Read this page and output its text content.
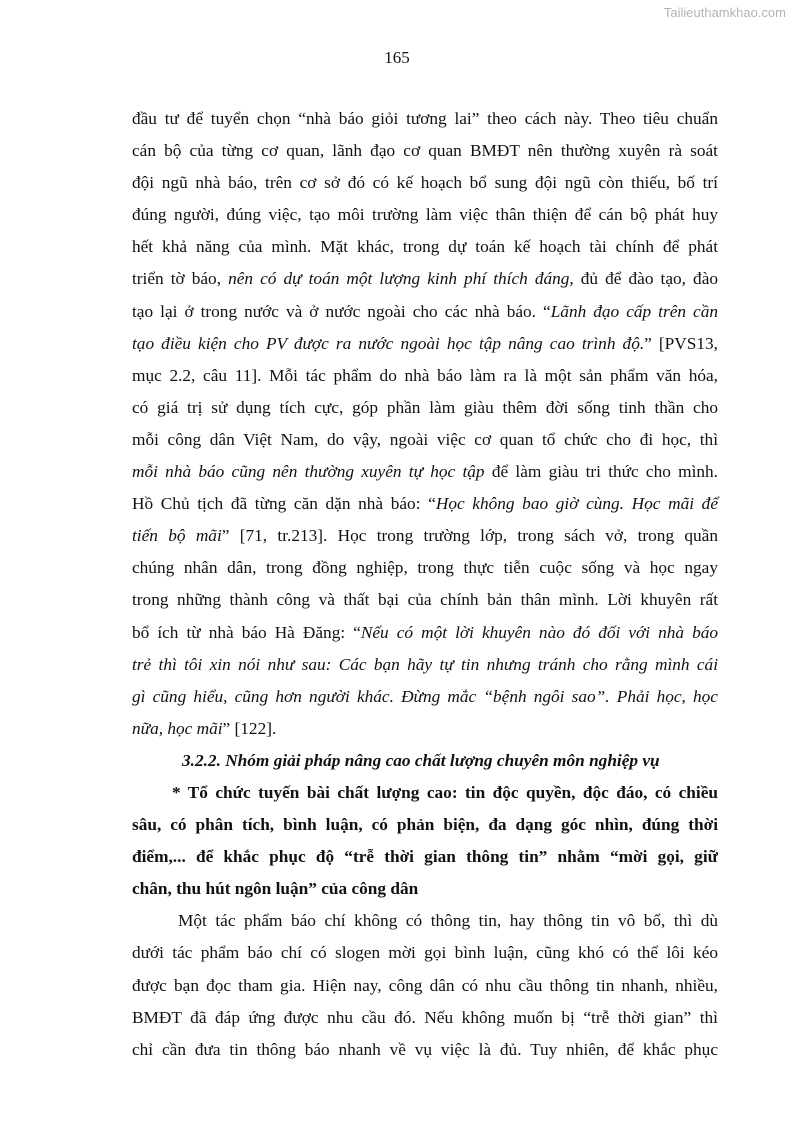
Tailieuthamkhao.com
165
đầu tư để tuyển chọn “nhà báo giỏi tương lai” theo cách này. Theo tiêu chuẩn
cán bộ của từng cơ quan, lãnh đạo cơ quan BMĐT nên thường xuyên rà soát
đội ngũ nhà báo, trên cơ sở đó có kế hoạch bổ sung đội ngũ còn thiếu, bố trí
đúng người, đúng việc, tạo môi trường làm việc thân thiện để cán bộ phát huy
hết khả năng của mình. Mặt khác, trong dự toán kế hoạch tài chính để phát
triển tờ báo, nên có dự toán một lượng kinh phí thích đáng, đủ để đào tạo, đào
tạo lại ở trong nước và ở nước ngoài cho các nhà báo. “Lãnh đạo cấp trên cần
tạo điều kiện cho PV được ra nước ngoài học tập nâng cao trình độ.” [PVS13,
mục 2.2, câu 11]. Mỗi tác phẩm do nhà báo làm ra là một sản phẩm văn hóa,
có giá trị sử dụng tích cực, góp phần làm giàu thêm đời sống tinh thần cho
mỗi công dân Việt Nam, do vậy, ngoài việc cơ quan tổ chức cho đi học, thì
mỗi nhà báo cũng nên thường xuyên tự học tập để làm giàu tri thức cho mình.
Hồ Chủ tịch đã từng căn dặn nhà báo: “Học không bao giờ cùng. Học mãi để
tiến bộ mãi” [71, tr.213]. Học trong trường lớp, trong sách vở, trong quần
chúng nhân dân, trong đồng nghiệp, trong thực tiễn cuộc sống và học ngay
trong những thành công và thất bại của chính bản thân mình. Lời khuyên rất
bổ ích từ nhà báo Hà Đăng: “Nếu có một lời khuyên nào đó đối với nhà báo
trẻ thì tôi xin nói như sau: Các bạn hãy tự tin nhưng tránh cho rằng mình cái
gì cũng hiểu, cũng hơn người khác. Đừng mắc “bệnh ngôi sao”. Phải học, học
nữa, học mãi” [122].
3.2.2. Nhóm giải pháp nâng cao chất lượng chuyên môn nghiệp vụ
* Tổ chức tuyến bài chất lượng cao: tin độc quyền, độc đáo, có chiều
sâu, có phân tích, bình luận, có phản biện, đa dạng góc nhìn, đúng thời
điểm,... để khắc phục độ “trễ thời gian thông tin” nhằm “mời gọi, giữ
chân, thu hút ngôn luận” của công dân
Một tác phẩm báo chí không có thông tin, hay thông tin vô bổ, thì dù
dưới tác phẩm báo chí có slogen mời gọi bình luận, cũng khó có thể lôi kéo
được bạn đọc tham gia. Hiện nay, công dân có nhu cầu thông tin nhanh, nhiều,
BMĐT đã đáp ứng được nhu cầu đó. Nếu không muốn bị “trễ thời gian” thì
chỉ cần đưa tin thông báo nhanh về vụ việc là đủ. Tuy nhiên, để khắc phục
